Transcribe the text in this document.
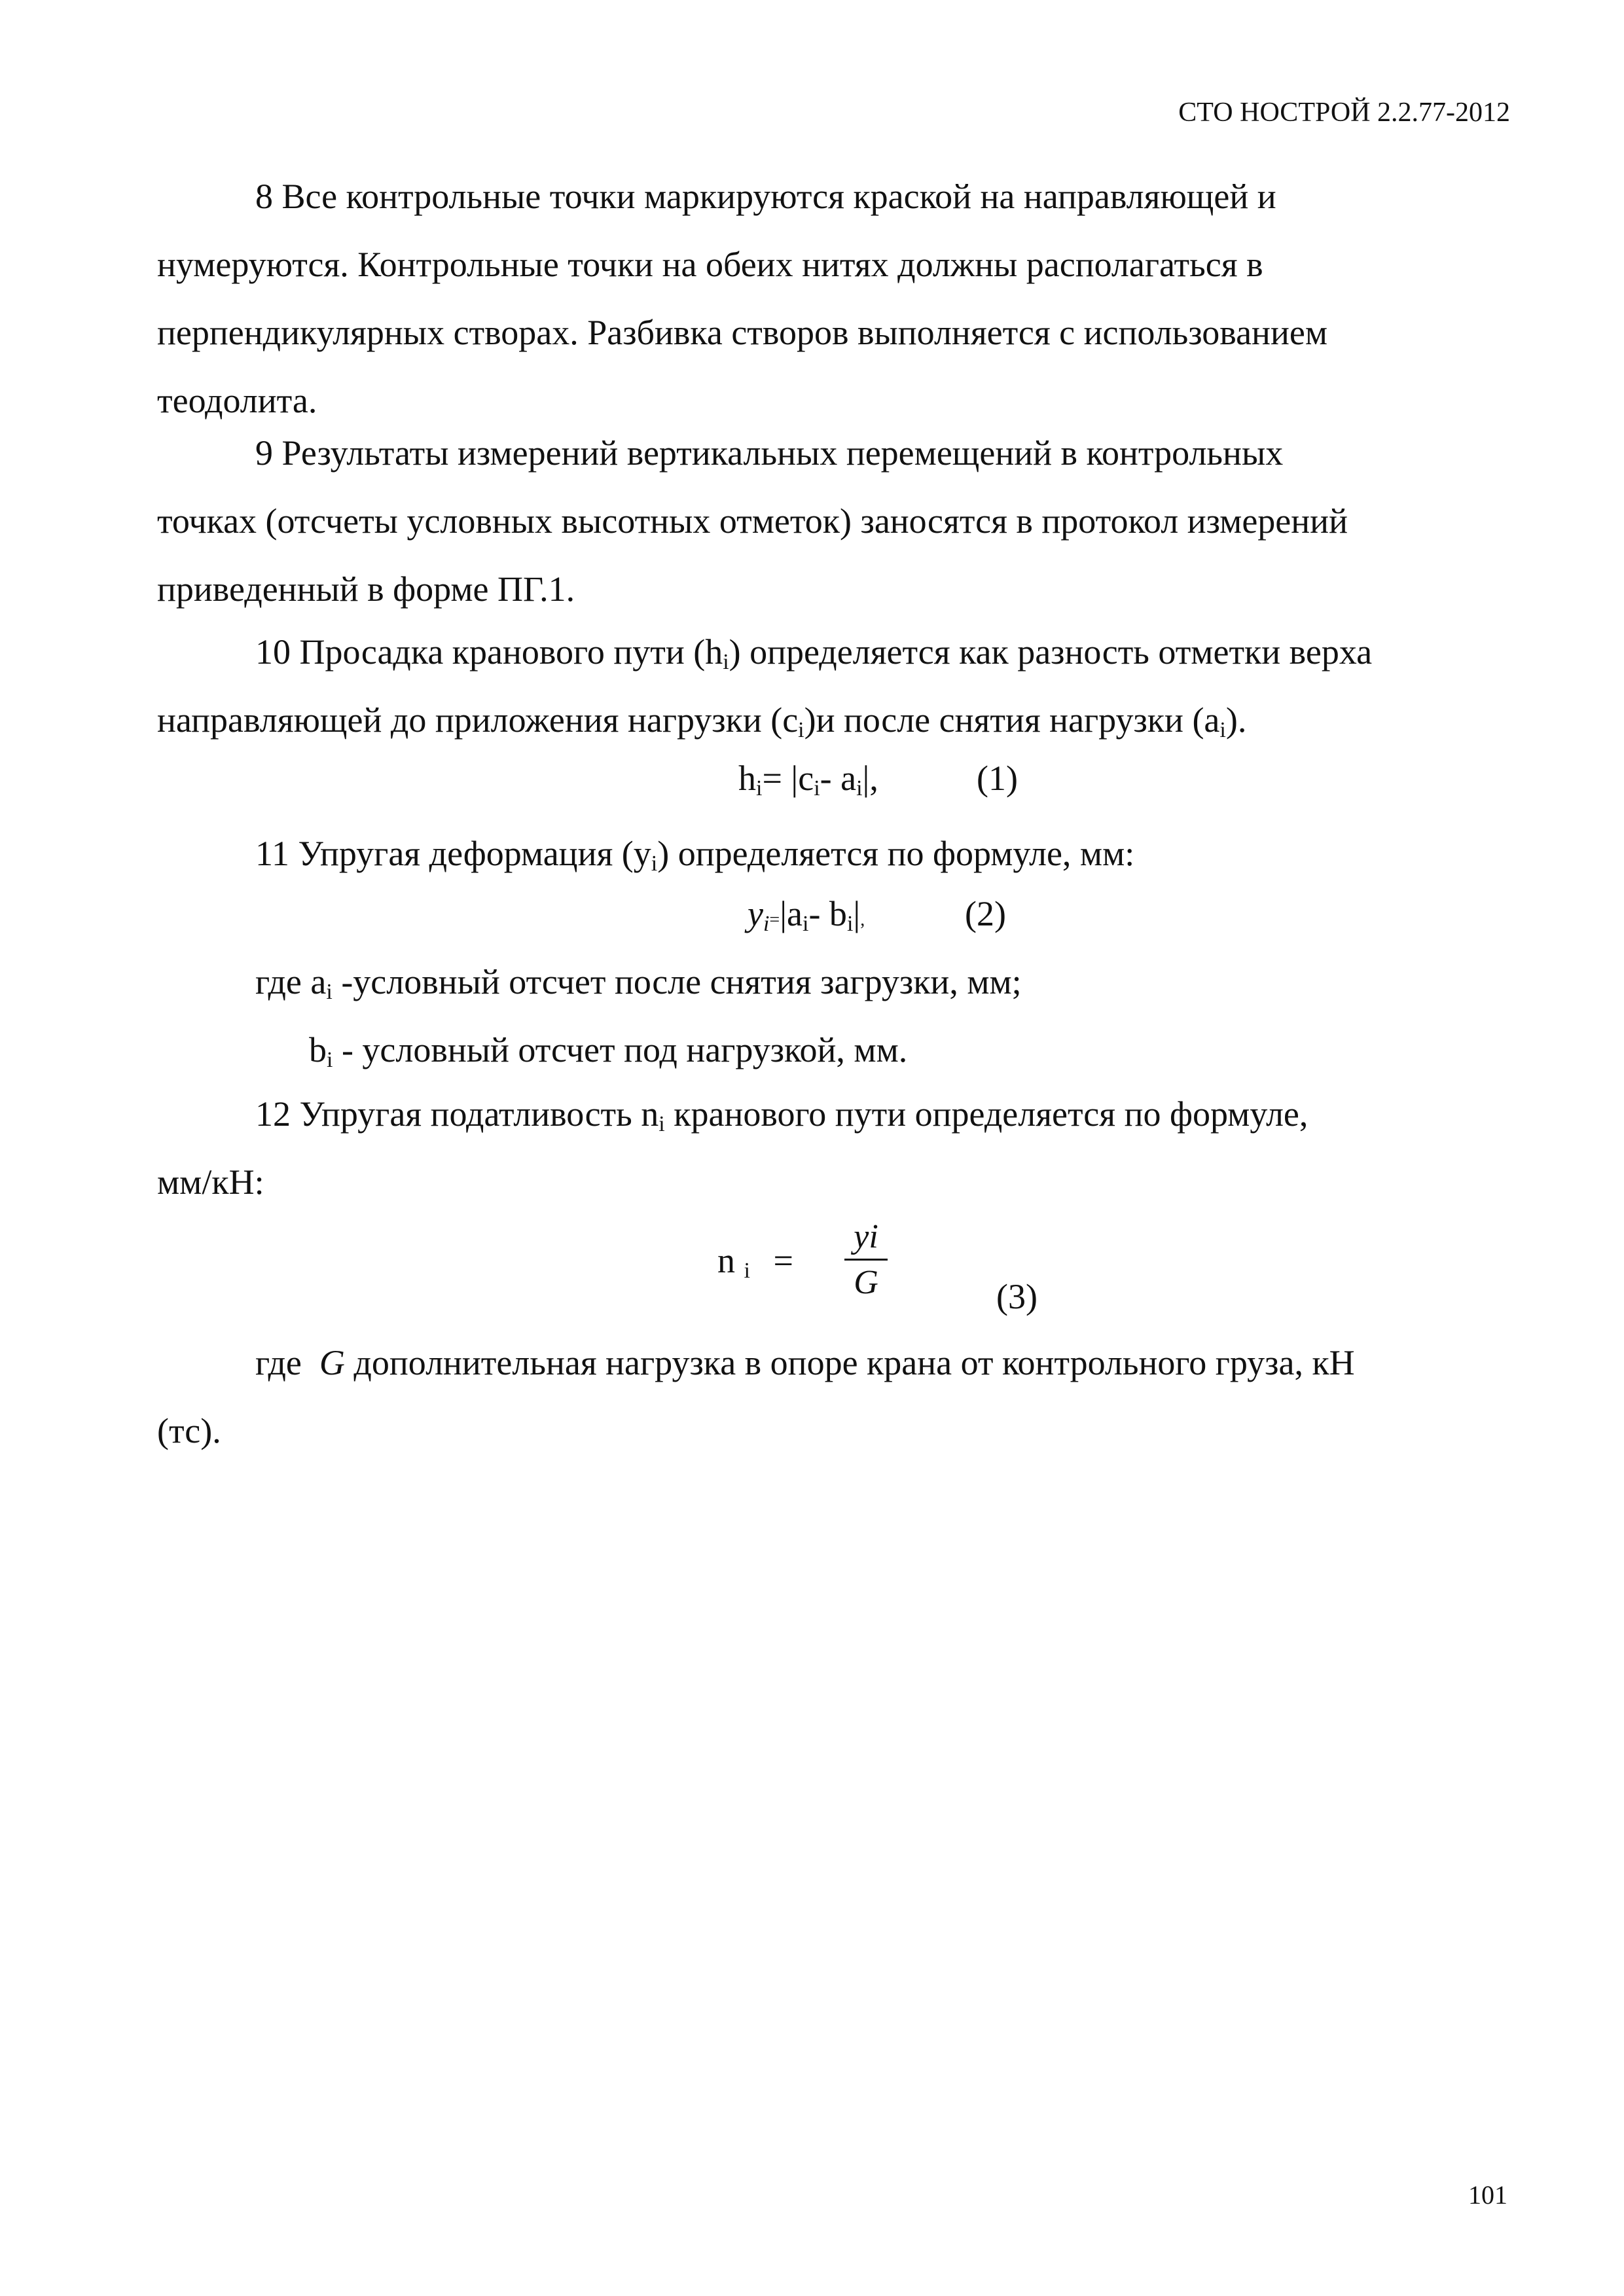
СТО НОСТРОЙ 2.2.77-2012
8 Все контрольные точки маркируются краской на направляющей и
нумеруются. Контрольные точки на обеих нитях должны располагаться в
перпендикулярных створах. Разбивка створов выполняется с использованием
теодолита.
9 Результаты измерений вертикальных перемещений в контрольных
точках (отсчеты условных высотных отметок) заносятся в протокол измерений
приведенный в форме ПГ.1.
10 Просадка кранового пути $(h_i)$ определяется как разность отметки верха
направляющей до приложения нагрузки $(c_i)и$ после снятия нагрузки $(a_i)$.
$h_i= |c_i-$ $a_i|$,	(1)
11 Упругая деформация $(y_i)$ определяется по формуле, мм:
$y_i=|a_i-$ $b_i|$,	(2)
где $a_i$ -условный отсчет после снятия загрузки, мм;
$b_i$ - условный отсчет под нагрузкой, мм.
12 Упругая податливость $n_i$ кранового пути определяется по формуле,
мм/кН:
n $_i$ =
yi
G	(3)
где  G дополнительная нагрузка в опоре крана от контрольного груза, кН
(тс).
101
